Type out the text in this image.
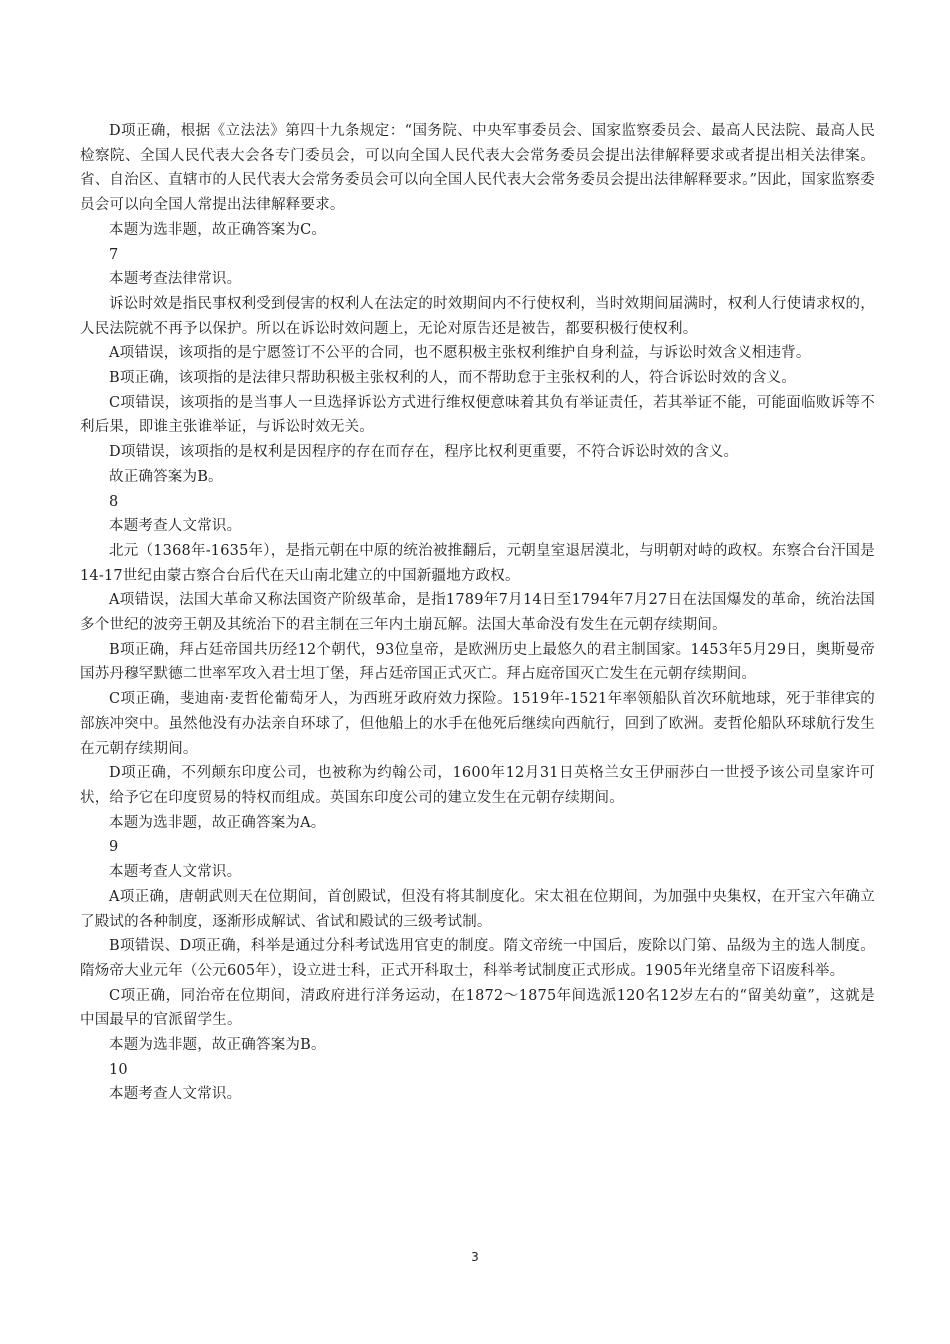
D项正确，根据《立法法》第四十九条规定：“国务院、中央军事委员会、国家监察委员会、最高人民法院、最高人民检察院、全国人民代表大会各专门委员会，可以向全国人民代表大会常务委员会提出法律解释要求或者提出相关法律案。省、自治区、直辖市的人民代表大会常务委员会可以向全国人民代表大会常务委员会提出法律解释要求。”因此，国家监察委员会可以向全国人常提出法律解释要求。

本题为选非题，故正确答案为C。

7

本题考查法律常识。

诉讼时效是指民事权利受到侵害的权利人在法定的时效期间内不行使权利，当时效期间届满时，权利人行使请求权的，人民法院就不再予以保护。所以在诉讼时效问题上，无论对原告还是被告，都要积极行使权利。

A项错误，该项指的是宁愿签订不公平的合同，也不愿积极主张权利维护自身利益，与诉讼时效含义相违背。

B项正确，该项指的是法律只帮助积极主张权利的人，而不帮助怠于主张权利的人，符合诉讼时效的含义。

C项错误，该项指的是当事人一旦选择诉讼方式进行维权便意味着其负有举证责任，若其举证不能，可能面临败诉等不利后果，即谁主张谁举证，与诉讼时效无关。

D项错误，该项指的是权利是因程序的存在而存在，程序比权利更重要，不符合诉讼时效的含义。

故正确答案为B。

8

本题考查人文常识。

北元（1368年-1635年），是指元朝在中原的统治被推翻后，元朝皇室退居漠北，与明朝对峙的政权。东察合台汗国是14-17世纪由蒙古察合台后代在天山南北建立的中国新疆地方政权。

A项错误，法国大革命又称法国资产阶级革命，是指1789年7月14日至1794年7月27日在法国爆发的革命，统治法国多个世纪的波旁王朝及其统治下的君主制在三年内土崩瓦解。法国大革命没有发生在元朝存续期间。

B项正确，拜占廷帝国共历经12个朝代，93位皇帝，是欧洲历史上最悠久的君主制国家。1453年5月29日，奥斯曼帝国苏丹穆罕默德二世率军攻入君士坦丁堡，拜占廷帝国正式灭亡。拜占庭帝国灭亡发生在元朝存续期间。

C项正确，斐迪南·麦哲伦葡萄牙人，为西班牙政府效力探险。1519年-1521年率领船队首次环航地球，死于菲律宾的部族冲突中。虽然他没有办法亲自环球了，但他船上的水手在他死后继续向西航行，回到了欧洲。麦哲伦船队环球航行发生在元朝存续期间。

D项正确，不列颠东印度公司，也被称为约翰公司，1600年12月31日英格兰女王伊丽莎白一世授予该公司皇家许可状，给予它在印度贸易的特权而组成。英国东印度公司的建立发生在元朝存续期间。

本题为选非题，故正确答案为A。

9

本题考查人文常识。

A项正确，唐朝武则天在位期间，首创殿试，但没有将其制度化。宋太祖在位期间，为加强中央集权，在开宝六年确立了殿试的各种制度，逐渐形成解试、省试和殿试的三级考试制。

B项错误、D项正确，科举是通过分科考试选用官吏的制度。隋文帝统一中国后，废除以门第、品级为主的选人制度。隋炀帝大业元年（公元605年），设立进士科，正式开科取士，科举考试制度正式形成。1905年光绪皇帝下诏废科举。

C项正确，同治帝在位期间，清政府进行洋务运动，在1872～1875年间选派120名12岁左右的“留美幼童”，这就是中国最早的官派留学生。

本题为选非题，故正确答案为B。

10

本题考查人文常识。

3
